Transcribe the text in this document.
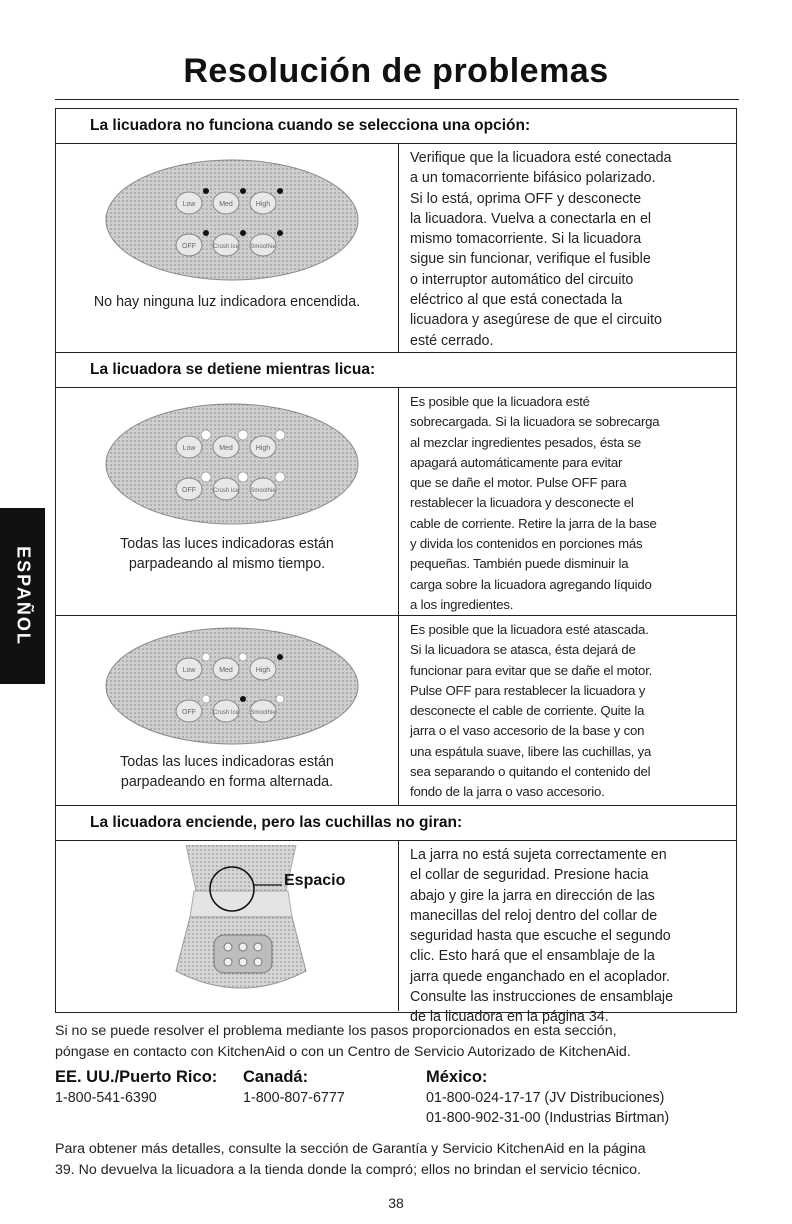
Resolución de problemas
ESPAÑOL
La licuadora no funciona cuando se selecciona una opción:
Low	Med	High
OFF	Crush Ice Smoothie
No hay ninguna luz indicadora encendida.
Verifique que la licuadora esté conectada
a un tomacorriente bifásico polarizado.
Si lo está, oprima OFF y desconecte
la licuadora. Vuelva a conectarla en el
mismo tomacorriente. Si la licuadora
sigue sin funcionar, verifique el fusible
o interruptor automático del circuito
eléctrico al que está conectada la
licuadora y asegúrese de que el circuito
esté cerrado.
La licuadora se detiene mientras licua:
Low	Med	High
OFF	Crush Ice Smoothie
Todas las luces indicadoras están
parpadeando al mismo tiempo.
Es posible que la licuadora esté
sobrecargada. Si la licuadora se sobrecarga
al mezclar ingredientes pesados, ésta se
apagará automáticamente para evitar
que se dañe el motor. Pulse OFF para
restablecer la licuadora y desconecte el
cable de corriente. Retire la jarra de la base
y divida los contenidos en porciones más
pequeñas. También puede disminuir la
carga sobre la licuadora agregando líquido
a los ingredientes.
Low	Med	High
OFF	Crush Ice Smoothie
Todas las luces indicadoras están
parpadeando en forma alternada.
Es posible que la licuadora esté atascada.
Si la licuadora se atasca, ésta dejará de
funcionar para evitar que se dañe el motor.
Pulse OFF para restablecer la licuadora y
desconecte el cable de corriente. Quite la
jarra o el vaso accesorio de la base y con
una espátula suave, libere las cuchillas, ya
sea separando o quitando el contenido del
fondo de la jarra o vaso accesorio.
La licuadora enciende, pero las cuchillas no giran:
Espacio
La jarra no está sujeta correctamente en
el collar de seguridad. Presione hacia
abajo y gire la jarra en dirección de las
manecillas del reloj dentro del collar de
seguridad hasta que escuche el segundo
clic. Esto hará que el ensamblaje de la
jarra quede enganchado en el acoplador.
Consulte las instrucciones de ensamblaje
de la licuadora en la página 34.
Si no se puede resolver el problema mediante los pasos proporcionados en esta sección,
póngase en contacto con KitchenAid o con un Centro de Servicio Autorizado de KitchenAid.
EE. UU./Puerto Rico:
1-800-541-6390
Canadá:
1-800-807-6777
México:
01-800-024-17-17 (JV Distribuciones)
01-800-902-31-00 (Industrias Birtman)
Para obtener más detalles, consulte la sección de Garantía y Servicio KitchenAid en la página
39. No devuelva la licuadora a la tienda donde la compró; ellos no brindan el servicio técnico.
38
